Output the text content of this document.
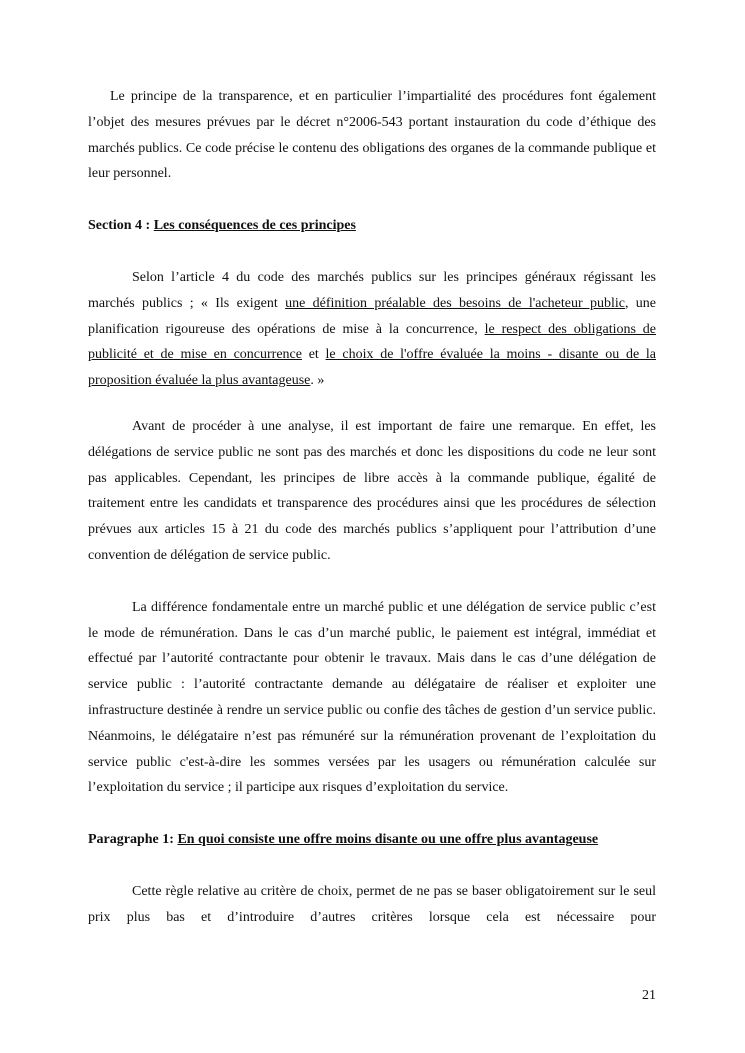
Le principe de la transparence, et en particulier l’impartialité des procédures font également l’objet des mesures prévues par le décret n°2006-543 portant instauration du code d’éthique des marchés publics. Ce code précise le contenu des obligations des organes de la commande publique et leur personnel.

Section 4 : Les conséquences de ces principes

Selon l’article 4 du code des marchés publics sur les principes généraux régissant les marchés publics ; « Ils exigent une définition préalable des besoins de l'acheteur public, une planification rigoureuse des opérations de mise à la concurrence, le respect des obligations de publicité et de mise en concurrence et le choix de l'offre évaluée la moins - disante ou de la proposition évaluée la plus avantageuse. »

Avant de procéder à une analyse, il est important de faire une remarque. En effet, les délégations de service public ne sont pas des marchés et donc les dispositions du code ne leur sont pas applicables. Cependant, les principes de libre accès à la commande publique, égalité de traitement entre les candidats et transparence des procédures ainsi que les procédures de sélection prévues aux articles 15 à 21 du code des marchés publics s’appliquent pour l’attribution d’une convention de délégation de service public.

La différence fondamentale entre un marché public et une délégation de service public c’est le mode de rémunération. Dans le cas d’un marché public, le paiement est intégral, immédiat et effectué par l’autorité contractante pour obtenir le travaux. Mais dans le cas d’une délégation de service public : l’autorité contractante demande au délégataire de réaliser et exploiter une infrastructure destinée à rendre un service public ou confie des tâches de gestion d’un service public. Néanmoins, le délégataire n’est pas rémunéré sur la rémunération provenant de l’exploitation du service public c'est-à-dire les sommes versées par les usagers ou rémunération calculée sur l’exploitation du service ; il participe aux risques d’exploitation du service.

Paragraphe 1: En quoi consiste une offre moins disante ou une offre plus avantageuse

Cette règle relative au critère de choix, permet de ne pas se baser obligatoirement sur le seul prix plus bas et d’introduire d’autres critères lorsque cela est nécessaire pour

21
